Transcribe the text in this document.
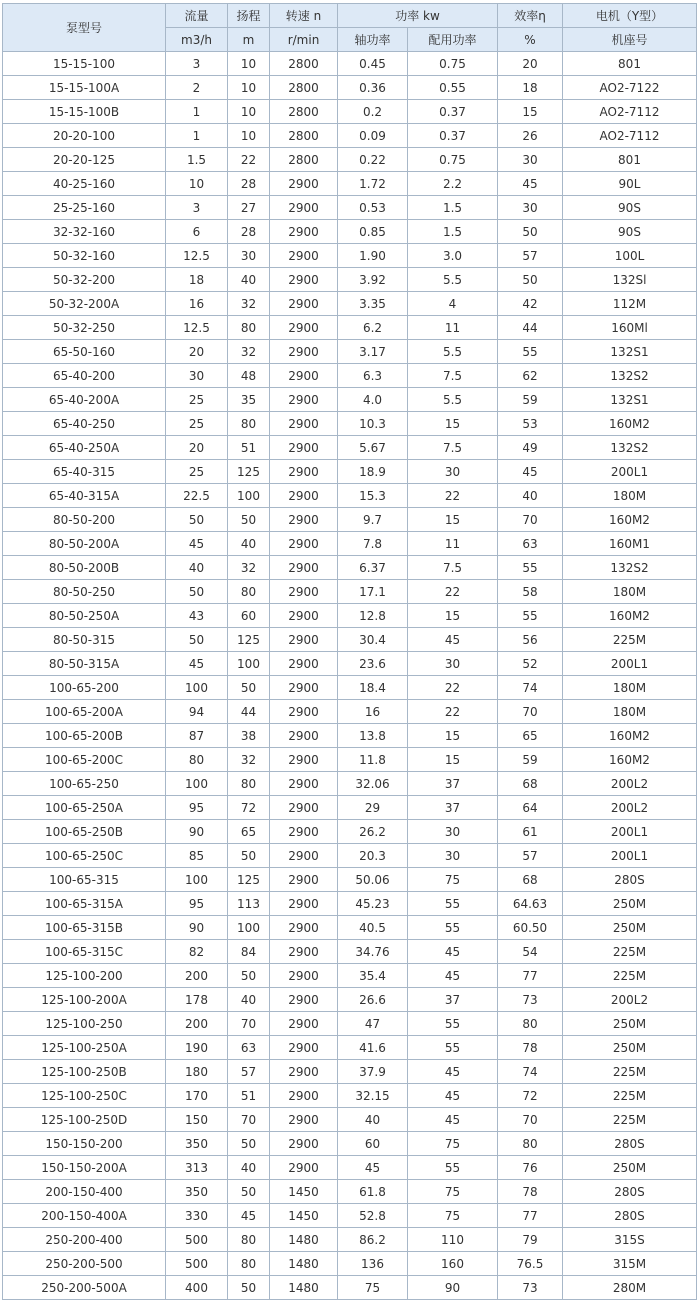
泵型号	流量	扬程	转速 n	功率 kw		效率η	电机（Y型）
	m3/h	m	r/min	轴功率	配用功率	%	机座号
15-15-100	3	10	2800	0.45	0.75	20	801
15-15-100A	2	10	2800	0.36	0.55	18	AO2-7122
15-15-100B	1	10	2800	0.2	0.37	15	AO2-7112
20-20-100	1	10	2800	0.09	0.37	26	AO2-7112
20-20-125	1.5	22	2800	0.22	0.75	30	801
40-25-160	10	28	2900	1.72	2.2	45	90L
25-25-160	3	27	2900	0.53	1.5	30	90S
32-32-160	6	28	2900	0.85	1.5	50	90S
50-32-160	12.5	30	2900	1.90	3.0	57	100L
50-32-200	18	40	2900	3.92	5.5	50	132Sl
50-32-200A	16	32	2900	3.35	4	42	112M
50-32-250	12.5	80	2900	6.2	11	44	160Ml
65-50-160	20	32	2900	3.17	5.5	55	132S1
65-40-200	30	48	2900	6.3	7.5	62	132S2
65-40-200A	25	35	2900	4.0	5.5	59	132S1
65-40-250	25	80	2900	10.3	15	53	160M2
65-40-250A	20	51	2900	5.67	7.5	49	132S2
65-40-315	25	125	2900	18.9	30	45	200L1
65-40-315A	22.5	100	2900	15.3	22	40	180M
80-50-200	50	50	2900	9.7	15	70	160M2
80-50-200A	45	40	2900	7.8	11	63	160M1
80-50-200B	40	32	2900	6.37	7.5	55	132S2
80-50-250	50	80	2900	17.1	22	58	180M
80-50-250A	43	60	2900	12.8	15	55	160M2
80-50-315	50	125	2900	30.4	45	56	225M
80-50-315A	45	100	2900	23.6	30	52	200L1
100-65-200	100	50	2900	18.4	22	74	180M
100-65-200A	94	44	2900	16	22	70	180M
100-65-200B	87	38	2900	13.8	15	65	160M2
100-65-200C	80	32	2900	11.8	15	59	160M2
100-65-250	100	80	2900	32.06	37	68	200L2
100-65-250A	95	72	2900	29	37	64	200L2
100-65-250B	90	65	2900	26.2	30	61	200L1
100-65-250C	85	50	2900	20.3	30	57	200L1
100-65-315	100	125	2900	50.06	75	68	280S
100-65-315A	95	113	2900	45.23	55	64.63	250M
100-65-315B	90	100	2900	40.5	55	60.50	250M
100-65-315C	82	84	2900	34.76	45	54	225M
125-100-200	200	50	2900	35.4	45	77	225M
125-100-200A	178	40	2900	26.6	37	73	200L2
125-100-250	200	70	2900	47	55	80	250M
125-100-250A	190	63	2900	41.6	55	78	250M
125-100-250B	180	57	2900	37.9	45	74	225M
125-100-250C	170	51	2900	32.15	45	72	225M
125-100-250D	150	70	2900	40	45	70	225M
150-150-200	350	50	2900	60	75	80	280S
150-150-200A	313	40	2900	45	55	76	250M
200-150-400	350	50	1450	61.8	75	78	280S
200-150-400A	330	45	1450	52.8	75	77	280S
250-200-400	500	80	1480	86.2	110	79	315S
250-200-500	500	80	1480	136	160	76.5	315M
250-200-500A	400	50	1480	75	90	73	280M
